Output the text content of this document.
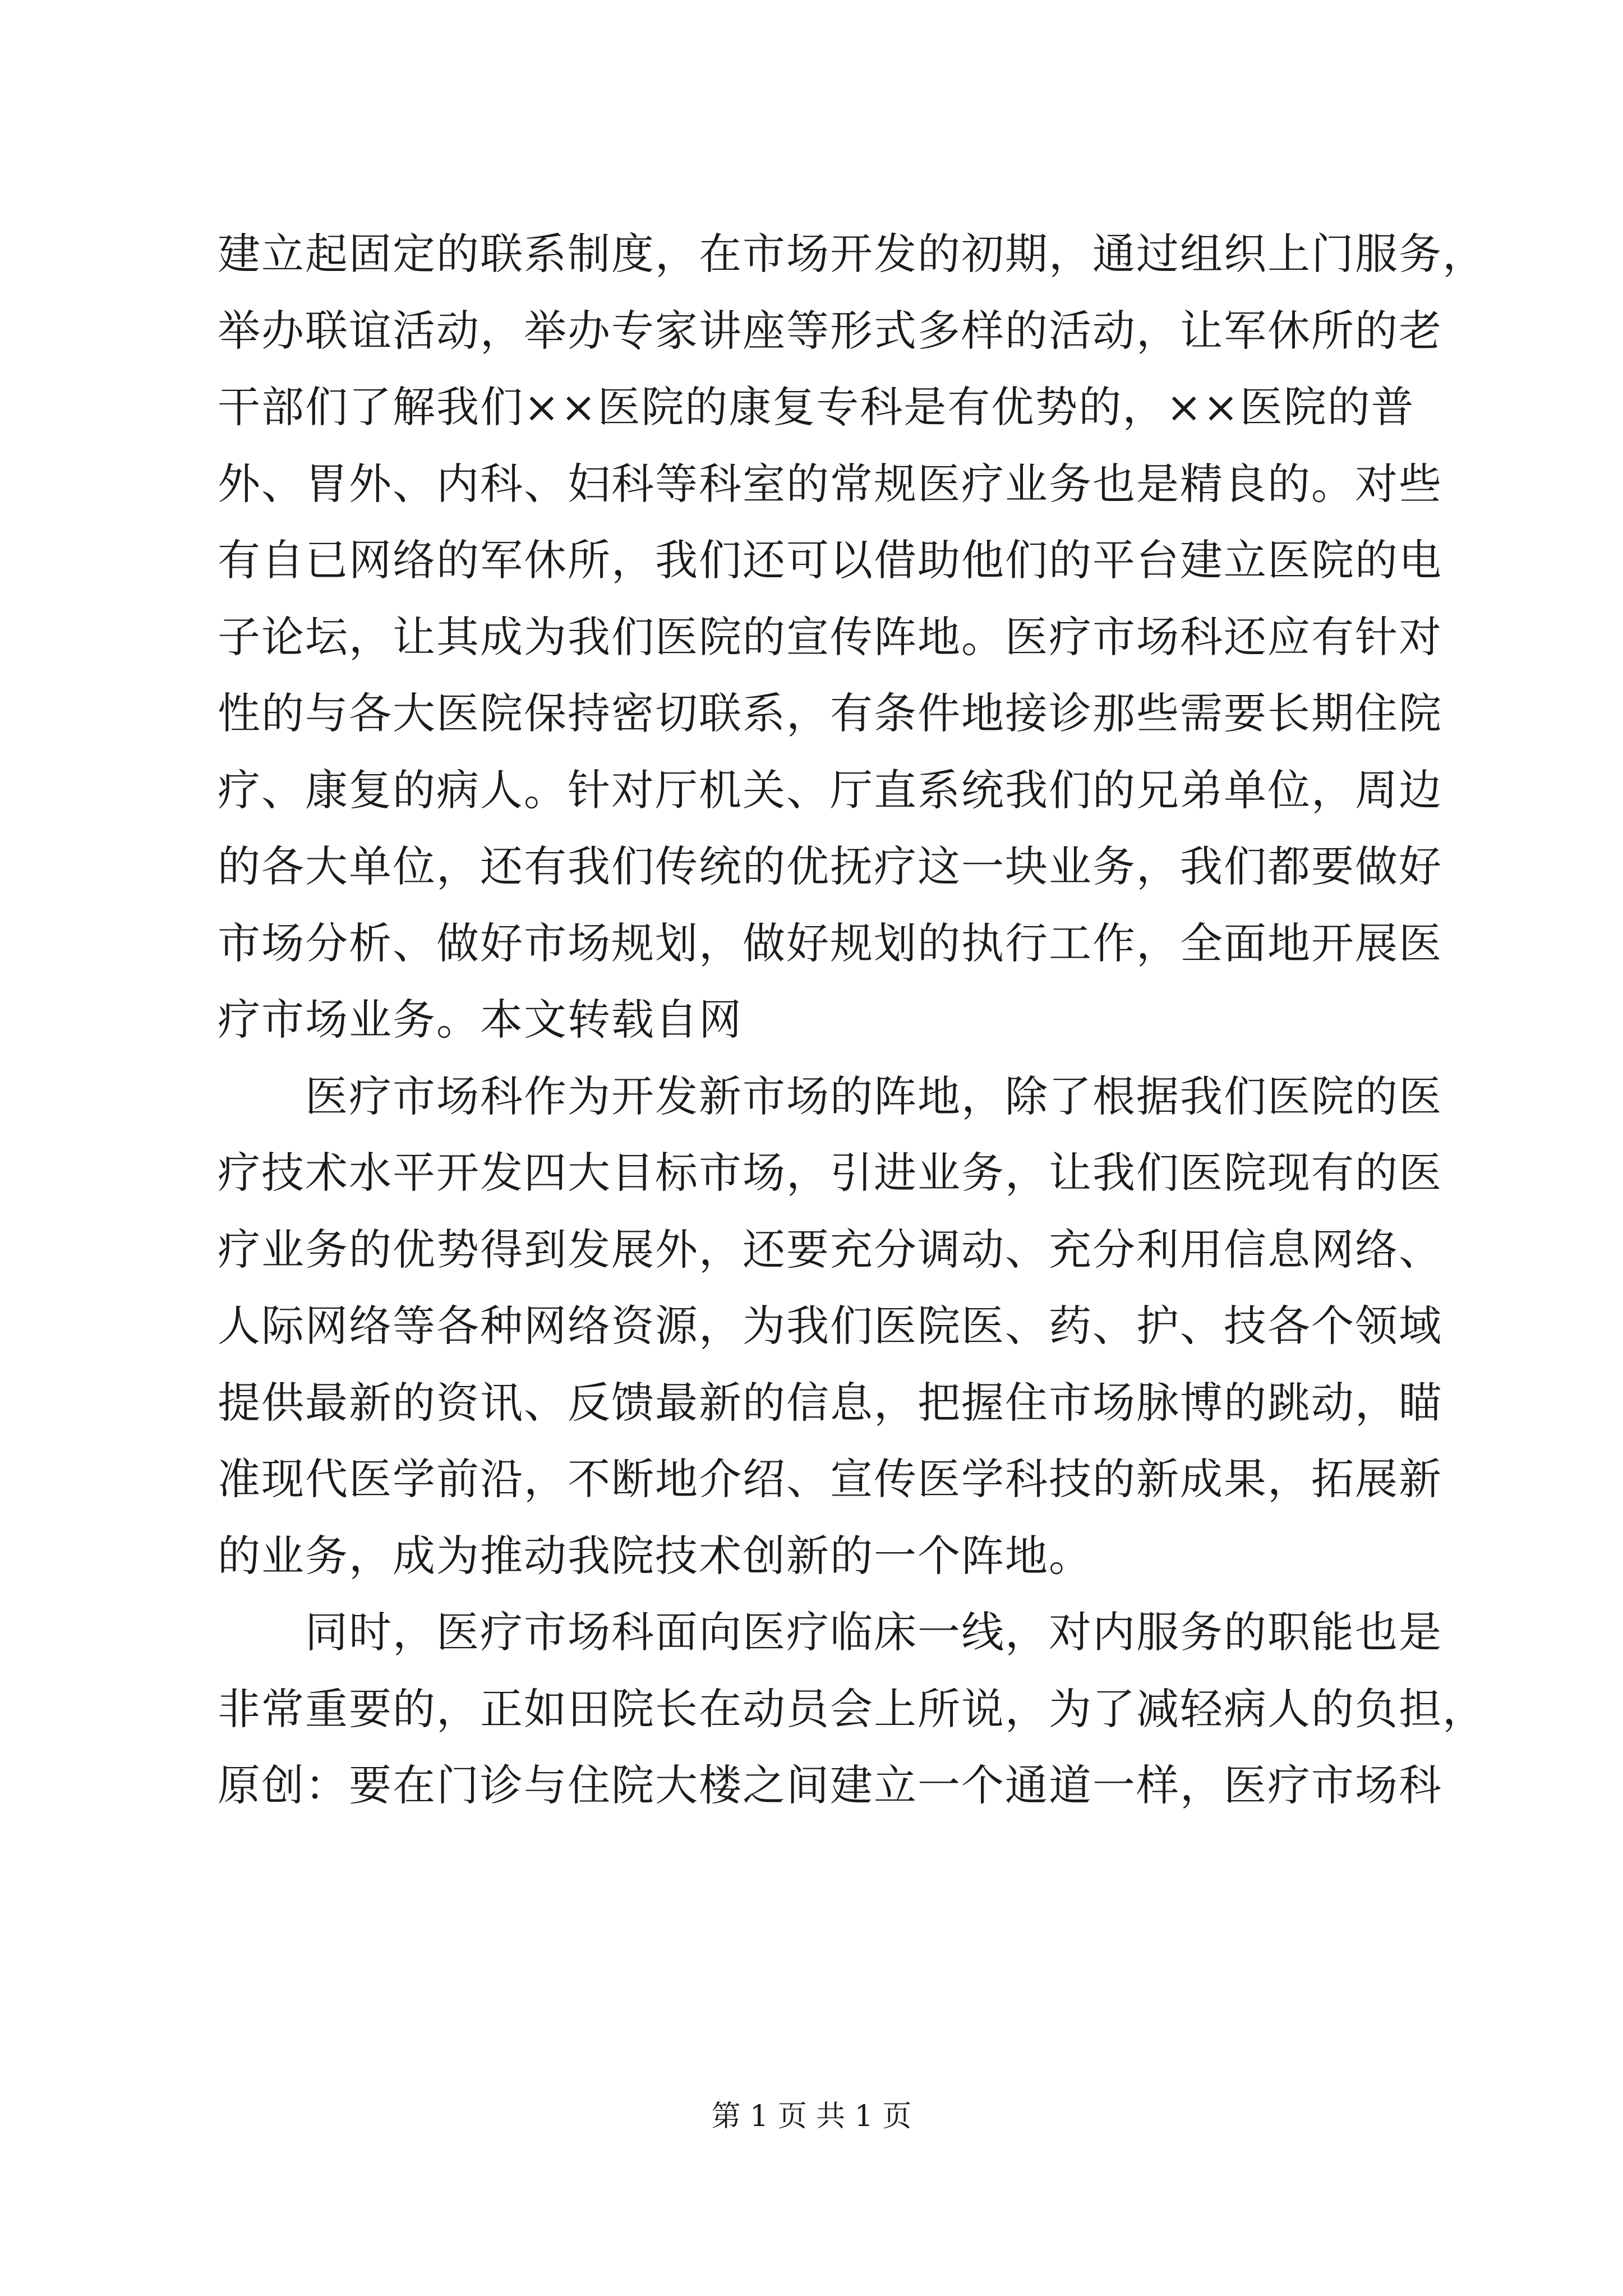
建立起固定的联系制度，在市场开发的初期，通过组织上门服务，
举办联谊活动，举办专家讲座等形式多样的活动，让军休所的老
干部们了解我们××医院的康复专科是有优势的，××医院的普
外、胃外、内科、妇科等科室的常规医疗业务也是精良的。对些
有自已网络的军休所，我们还可以借助他们的平台建立医院的电
子论坛，让其成为我们医院的宣传阵地。医疗市场科还应有针对
性的与各大医院保持密切联系，有条件地接诊那些需要长期住院
疗、康复的病人。针对厅机关、厅直系统我们的兄弟单位，周边
的各大单位，还有我们传统的优抚疗这一块业务，我们都要做好
市场分析、做好市场规划，做好规划的执行工作，全面地开展医
疗市场业务。本文转载自网
　　医疗市场科作为开发新市场的阵地，除了根据我们医院的医
疗技术水平开发四大目标市场，引进业务，让我们医院现有的医
疗业务的优势得到发展外，还要充分调动、充分利用信息网络、
人际网络等各种网络资源，为我们医院医、药、护、技各个领域
提供最新的资讯、反馈最新的信息，把握住市场脉博的跳动，瞄
准现代医学前沿，不断地介绍、宣传医学科技的新成果，拓展新
的业务，成为推动我院技术创新的一个阵地。
　　同时，医疗市场科面向医疗临床一线，对内服务的职能也是
非常重要的，正如田院长在动员会上所说，为了减轻病人的负担，
原创：要在门诊与住院大楼之间建立一个通道一样，医疗市场科
第 1 页 共 1 页
